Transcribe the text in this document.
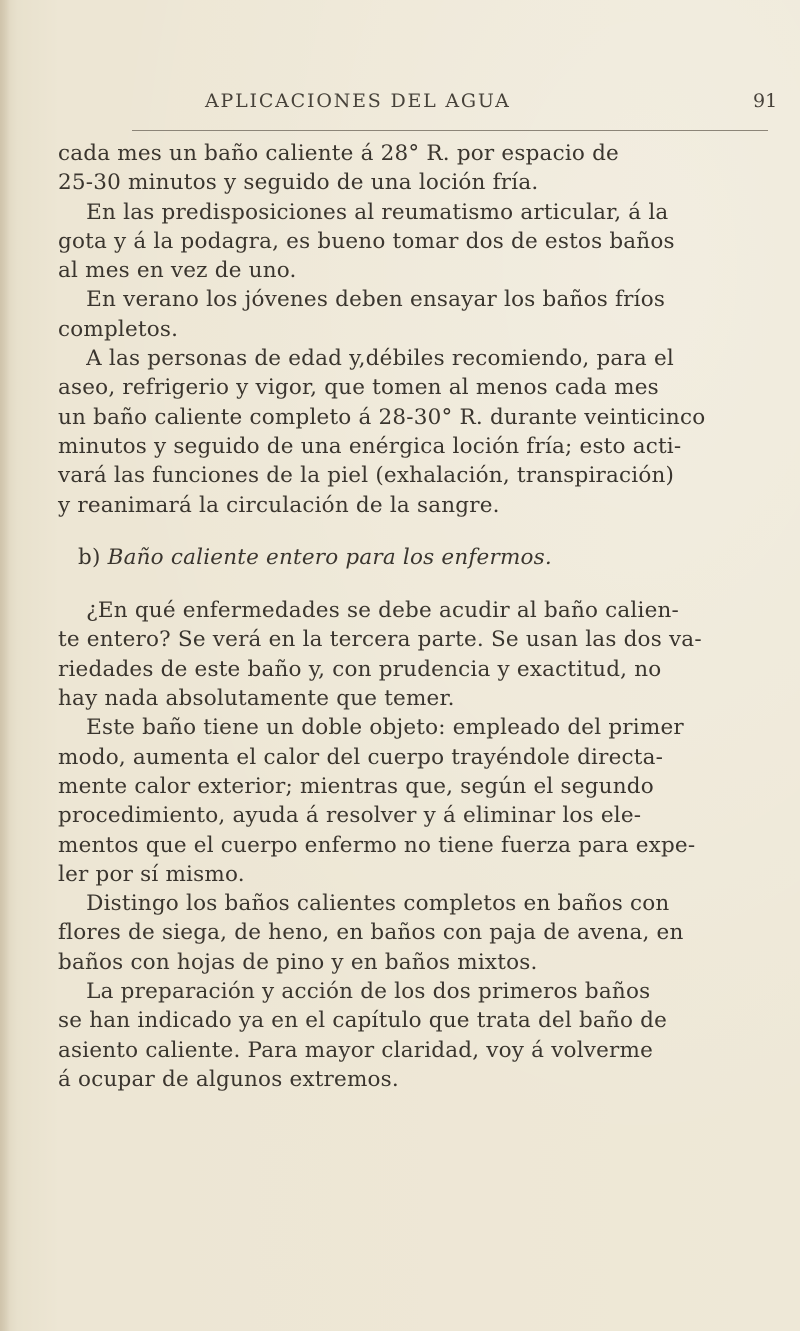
APLICACIONES DEL AGUA	91
cada mes un baño caliente á 28° R. por espacio de
25-30 minutos y seguido de una loción fría.
En las predisposiciones al reumatismo articular, á la
gota y á la podagra, es bueno tomar dos de estos baños
al mes en vez de uno.
En verano los jóvenes deben ensayar los baños fríos
completos.
A las personas de edad y,débiles recomiendo, para el
aseo, refrigerio y vigor, que tomen al menos cada mes
un baño caliente completo á 28-30° R. durante veinticinco
minutos y seguido de una enérgica loción fría; esto acti-
vará las funciones de la piel (exhalación, transpiración)
y reanimará la circulación de la sangre.
b) Baño caliente entero para los enfermos.
¿En qué enfermedades se debe acudir al baño calien-
te entero? Se verá en la tercera parte. Se usan las dos va-
riedades de este baño y, con prudencia y exactitud, no
hay nada absolutamente que temer.
Este baño tiene un doble objeto: empleado del primer
modo, aumenta el calor del cuerpo trayéndole directa-
mente calor exterior; mientras que, según el segundo
procedimiento, ayuda á resolver y á eliminar los ele-
mentos que el cuerpo enfermo no tiene fuerza para expe-
ler por sí mismo.
Distingo los baños calientes completos en baños con
flores de siega, de heno, en baños con paja de avena, en
baños con hojas de pino y en baños mixtos.
La preparación y acción de los dos primeros baños
se han indicado ya en el capítulo que trata del baño de
asiento caliente. Para mayor claridad, voy á volverme
á ocupar de algunos extremos.
